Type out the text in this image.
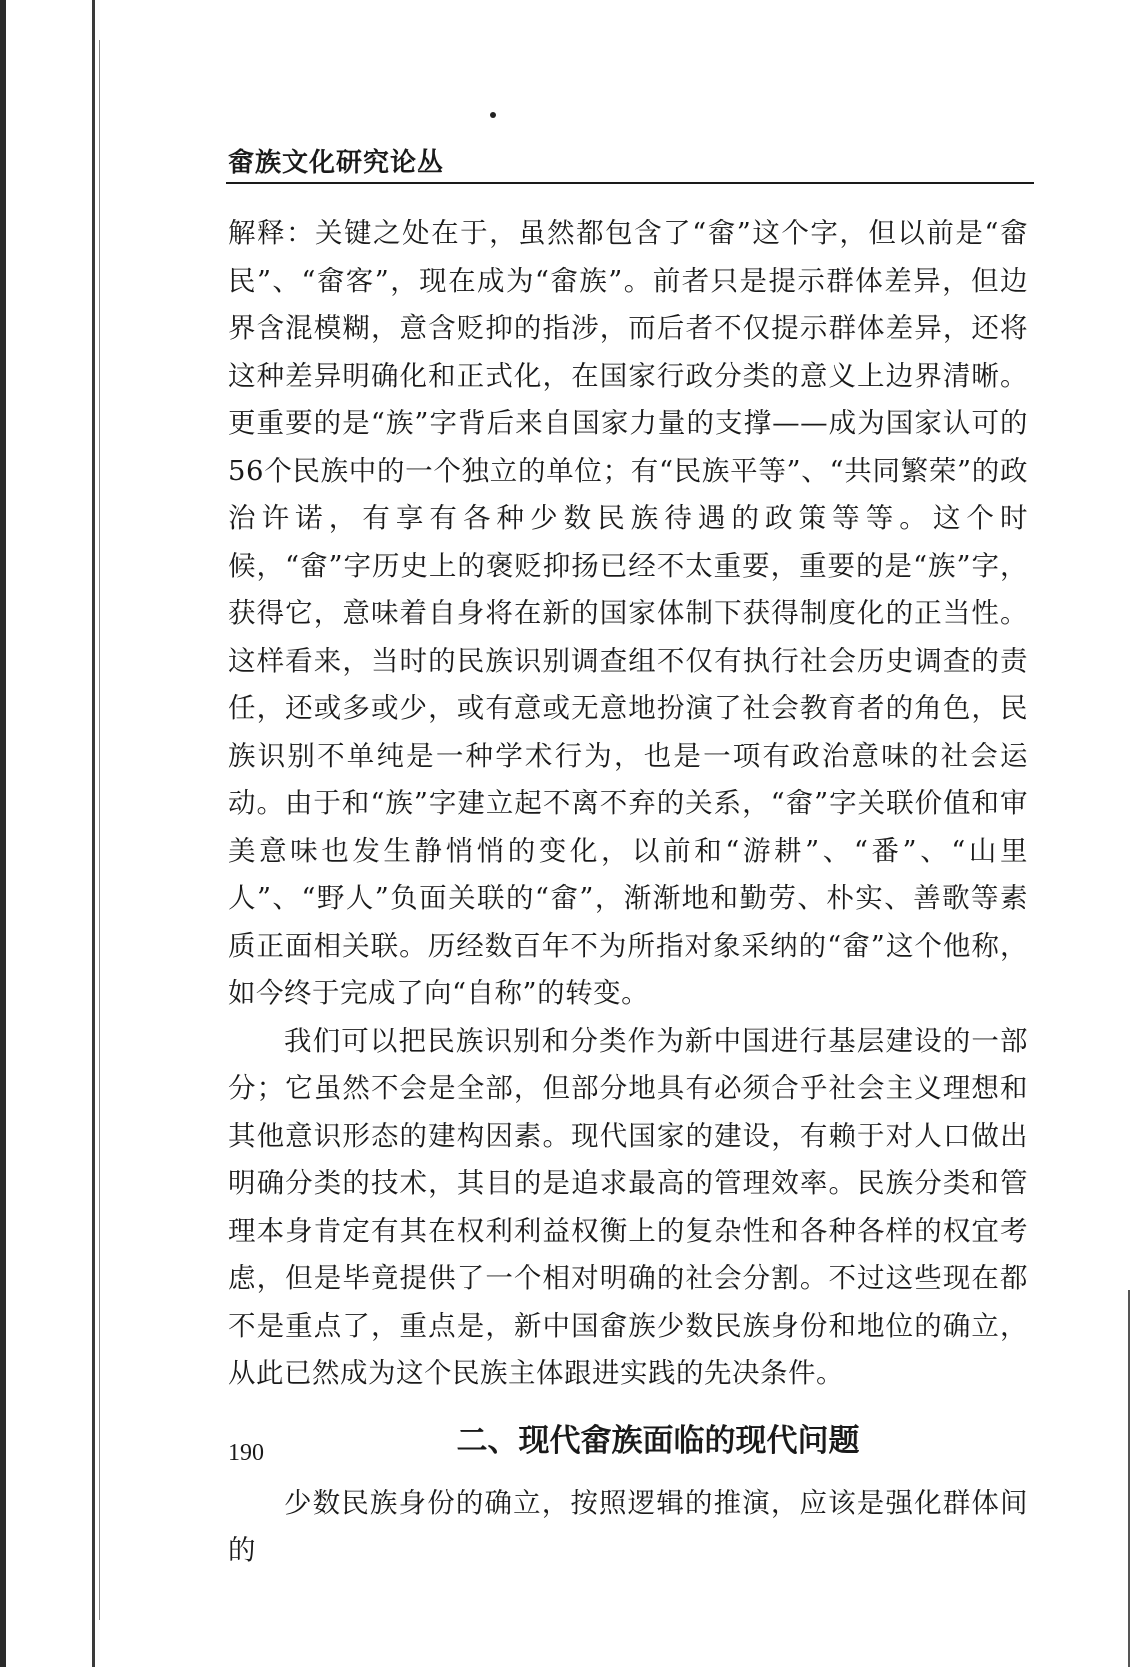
畲族文化研究论丛

解释：关键之处在于，虽然都包含了“畲”这个字，但以前是“畲民”、“畲客”，现在成为“畲族”。前者只是提示群体差异，但边界含混模糊，意含贬抑的指涉，而后者不仅提示群体差异，还将这种差异明确化和正式化，在国家行政分类的意义上边界清晰。更重要的是“族”字背后来自国家力量的支撑——成为国家认可的56个民族中的一个独立的单位；有“民族平等”、“共同繁荣”的政治许诺，有享有各种少数民族待遇的政策等等。这个时候，“畲”字历史上的褒贬抑扬已经不太重要，重要的是“族”字，获得它，意味着自身将在新的国家体制下获得制度化的正当性。这样看来，当时的民族识别调查组不仅有执行社会历史调查的责任，还或多或少，或有意或无意地扮演了社会教育者的角色，民族识别不单纯是一种学术行为，也是一项有政治意味的社会运动。由于和“族”字建立起不离不弃的关系，“畲”字关联价值和审美意味也发生静悄悄的变化，以前和“游耕”、“番”、“山里人”、“野人”负面关联的“畲”，渐渐地和勤劳、朴实、善歌等素质正面相关联。历经数百年不为所指对象采纳的“畲”这个他称，如今终于完成了向“自称”的转变。

我们可以把民族识别和分类作为新中国进行基层建设的一部分；它虽然不会是全部，但部分地具有必须合乎社会主义理想和其他意识形态的建构因素。现代国家的建设，有赖于对人口做出明确分类的技术，其目的是追求最高的管理效率。民族分类和管理本身肯定有其在权利利益权衡上的复杂性和各种各样的权宜考虑，但是毕竟提供了一个相对明确的社会分割。不过这些现在都不是重点了，重点是，新中国畲族少数民族身份和地位的确立，从此已然成为这个民族主体跟进实践的先决条件。

二、现代畲族面临的现代问题

少数民族身份的确立，按照逻辑的推演，应该是强化群体间的

190
